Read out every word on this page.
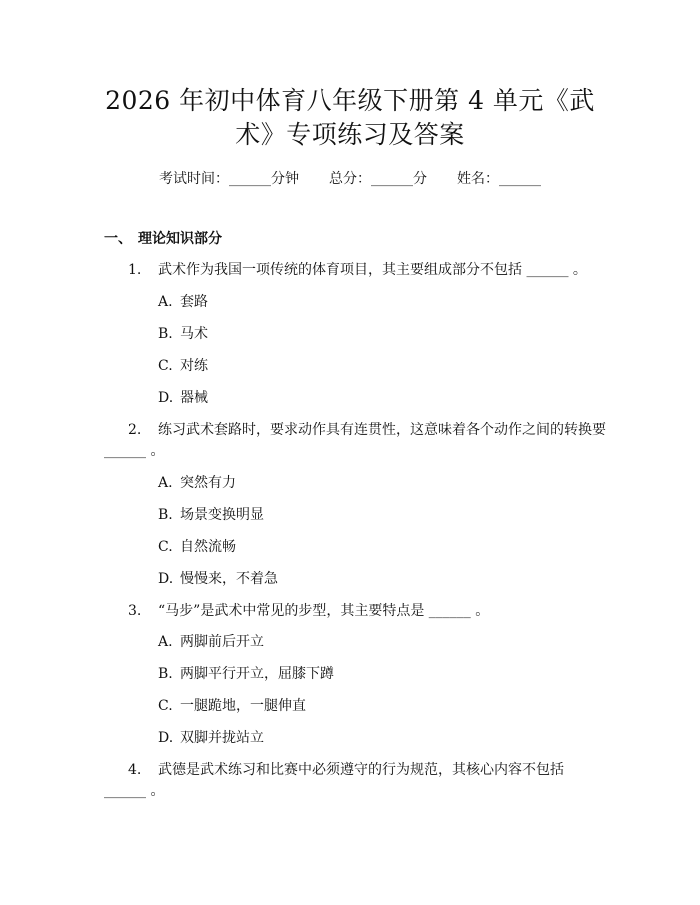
2026 年初中体育八年级下册第 4 单元《武
术》专项练习及答案
考试时间：______分钟 总分：______分 姓名：______
一、 理论知识部分
1. 武术作为我国一项传统的体育项目，其主要组成部分不包括 ______ 。
A. 套路
B. 马术
C. 对练
D. 器械
2. 练习武术套路时，要求动作具有连贯性，这意味着各个动作之间的转换要
______ 。
A. 突然有力
B. 场景变换明显
C. 自然流畅
D. 慢慢来，不着急
3. “马步”是武术中常见的步型，其主要特点是 ______ 。
A. 两脚前后开立
B. 两脚平行开立，屈膝下蹲
C. 一腿跪地，一腿伸直
D. 双脚并拢站立
4. 武德是武术练习和比赛中必须遵守的行为规范，其核心内容不包括
______ 。
